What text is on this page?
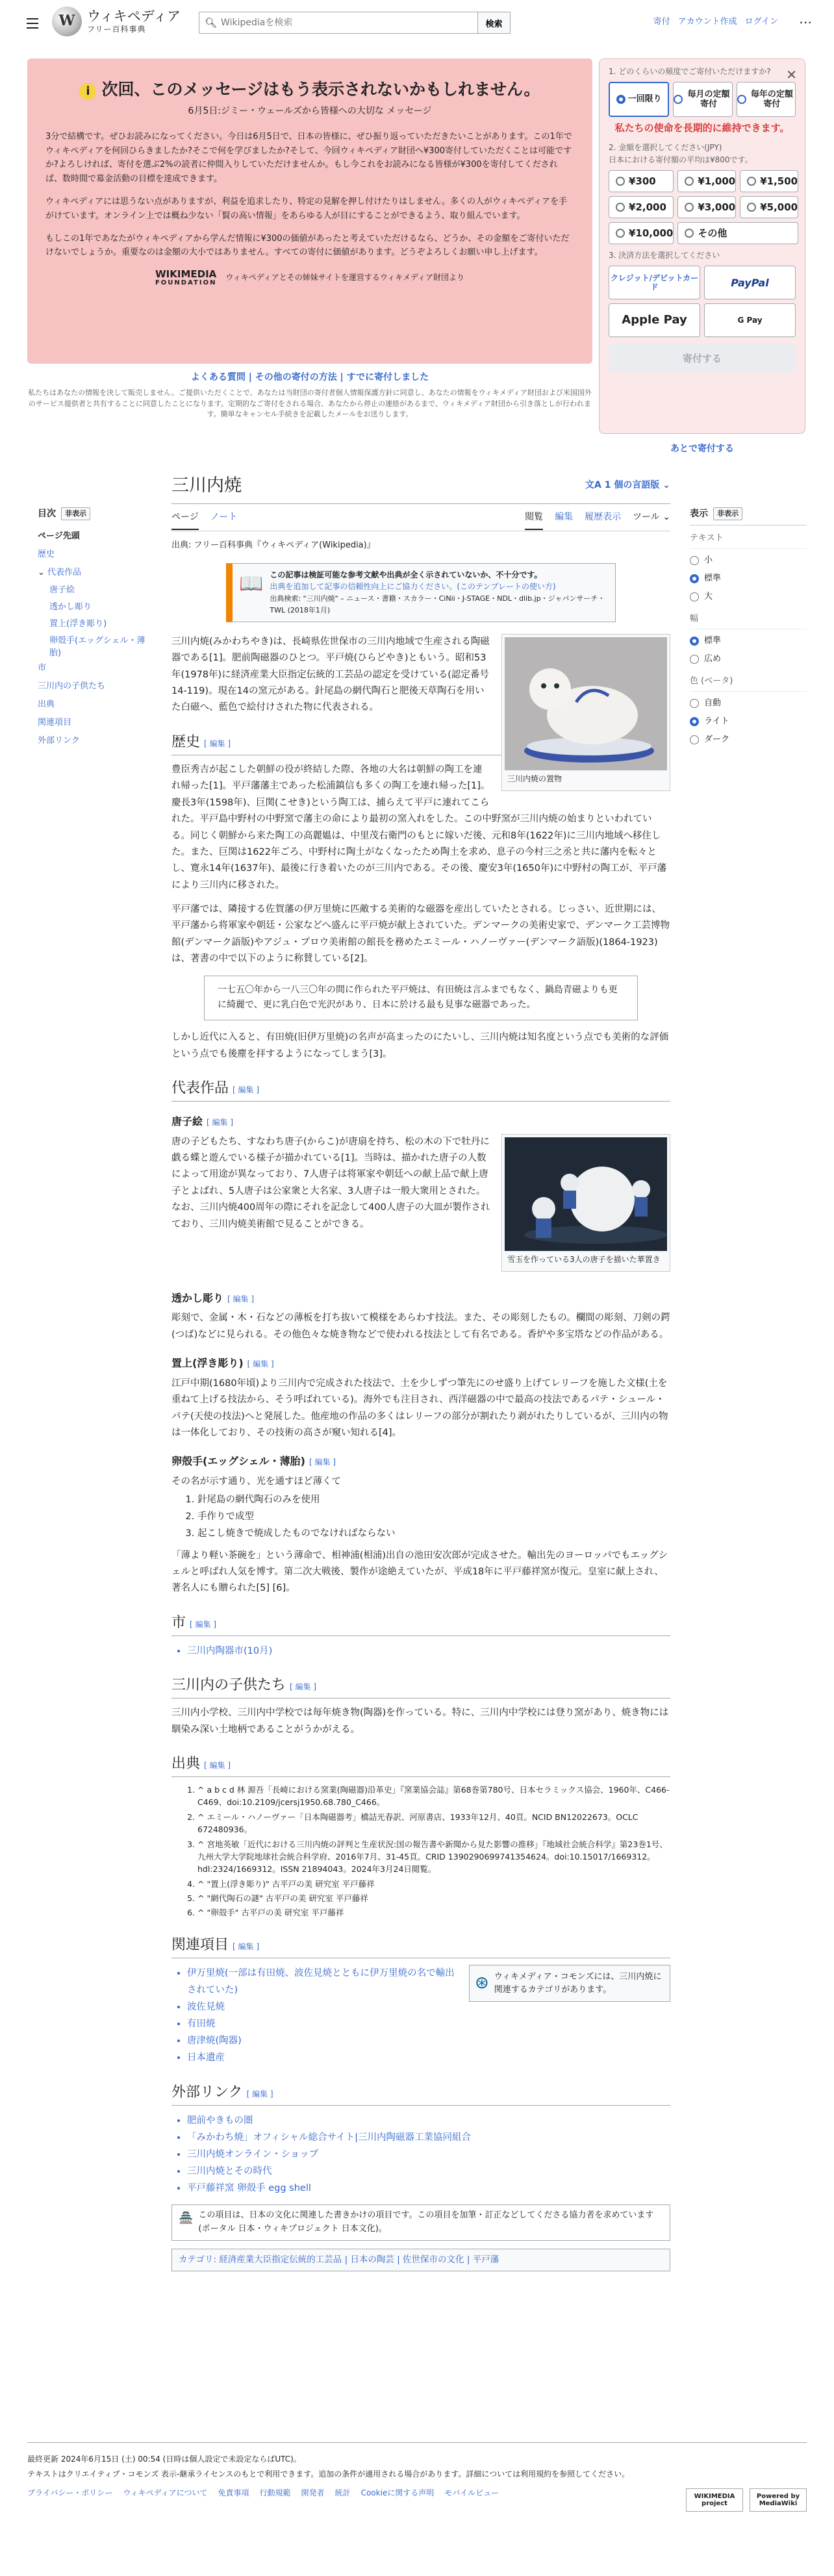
W ウィキペディア
フリー百科事典
🔍︎
Wikipediaを検索	検索	寄付 アカウント作成 ログイン ⋯
i 次回、このメッセージはもう表示されないかもしれません。
6月5日:ジミー・ウェールズから皆様への大切な メッセージ

3分で結構です。ぜひお読みになってください。今日は6月5日で、日本の皆様に、ぜひ振り返っていただきたいことがあります。この1年でウィキペディアを何回ひらきましたか?そこで何を学びましたか?そして、今回ウィキペディア財団へ¥300寄付していただくことは可能ですか?よろしければ、寄付を選ぶ2%の読者に仲間入りしていただけませんか。もし今これをお読みになる皆様が¥300を寄付してくだされば、数時間で募金活動の目標を達成できます。

ウィキペディアには思うない点がありますが、利益を追求したり、特定の見解を押し付けたりはしません。多くの人がウィキペディアを手がけています。オンライン上では概ね少ない「賢の高い情報」をあらゆる人が目にすることができるよう、取り組んでいます。

もしこの1年であなたがウィキペディアから学んだ情報に¥300の価値があったと考えていただけるなら、どうか、その金額をご寄付いただけないでしょうか。重要なのは金額の大小ではありません。すべての寄付に価値があります。どうぞよろしくお願い申し上げます。

WIKIMEDIA
FOUNDATION
ウィキペディアとその姉妹サイトを運営するウィキメディア財団より
よくある質問 | その他の寄付の方法 | すでに寄付しました
私たちはあなたの情報を決して販売しません。ご提供いただくことで、あなたは当財団の寄付者個人情報保護方針に同意し、あなたの情報をウィキメディア財団および米国国外のサービス提供者と共有することに同意したことになります。定期的なご寄付をされる場合、あなたから停止の連絡があるまで、ウィキメディア財団から引き落としが行われます。簡単なキャンセル手続きを記載したメールをお送りします。
✕
1. どのくらいの頻度でご寄付いただけますか?
一回限り
毎月の定額寄付
毎年の定額寄付
私たちの使命を長期的に維持できます。
2. 金額を選択してください(JPY)
日本における寄付額の平均は¥800です。
¥300	¥1,000	¥1,500
¥2,000	¥3,000	¥5,000
¥10,000	その他
3. 決済方法を選択してください
クレジット/デビットカード	PayPal
Apple Pay	G Pay
寄付する
あとで寄付する
目次	非表示
ページ先頭
歴史
⌄ 代表作品
唐子絵
透かし彫り
置上(浮き彫り)
卵殻手(エッグシェル・薄胎)
市
三川内の子供たち
出典
関連項目
外部リンク
三川内焼	文A 1 個の言語版 ⌄
ページ ノート	閲覧 編集 履歴表示 ツール ⌄
出典: フリー百科事典『ウィキペディア(Wikipedia)』
📖 この記事は検証可能な参考文献や出典が全く示されていないか、不十分です。
出典を追加して記事の信頼性向上にご協力ください。(このテンプレートの使い方)
出典検索: "三川内焼" – ニュース・書籍・スカラー・CiNii・J-STAGE・NDL・dlib.jp・ジャパンサーチ・TWL (2018年1月)
三川内焼の置物

三川内焼(みかわちやき)は、長崎県佐世保市の三川内地域で生産される陶磁器である[1]。肥前陶磁器のひとつ。平戸焼(ひらどやき)ともいう。昭和53年(1978年)に経済産業大臣指定伝統的工芸品の認定を受けている(認定番号14-119)。現在14の窯元がある。針尾島の網代陶石と肥後天草陶石を用いた白磁へ、藍色で絵付けされた物に代表される。

歴史 [ 編集 ]

豊臣秀吉が起こした朝鮮の役が終結した際、各地の大名は朝鮮の陶工を連れ帰った[1]。平戸藩藩主であった松浦鎮信も多くの陶工を連れ帰った[1]。慶長3年(1598年)、巨関(こせき)という陶工は、捕らえて平戸に連れてこられた。平戸島中野村の中野窯で藩主の命により最初の窯入れをした。この中野窯が三川内焼の始まりといわれている。同じく朝鮮から来た陶工の高麗媼は、中里茂右衛門のもとに嫁いだ後、元和8年(1622年)に三川内地域へ移住した。また、巨関は1622年ごろ、中野村に陶土がなくなったため陶土を求め、息子の今村三之丞と共に藩内を転々とし、寛永14年(1637年)、最後に行き着いたのが三川内である。その後、慶安3年(1650年)に中野村の陶工が、平戸藩により三川内に移された。

平戸藩では、隣接する佐賀藩の伊万里焼に匹敵する美術的な磁器を産出していたとされる。じっさい、近世期には、平戸藩から将軍家や朝廷・公家などへ盛んに平戸焼が献上されていた。デンマークの美術史家で、デンマーク工芸博物館(デンマーク語版)やアジュ・プロウ美術館の館長を務めたエミール・ハノーヴァー(デンマーク語版)(1864-1923)は、著書の中で以下のように称賛している[2]。

一七五〇年から一八三〇年の間に作られた平戸焼は、有田焼は言ふまでもなく、鍋島青磁よりも更に綺麗で、更に乳白色で光沢があり、日本に於ける最も見事な磁器であった。

しかし近代に入ると、有田焼(旧伊万里焼)の名声が高まったのにたいし、三川内焼は知名度という点でも美術的な評価という点でも後塵を拝するようになってしまう[3]。

代表作品 [ 編集 ]
唐子絵 [ 編集 ]
雪玉を作っている3人の唐子を描いた華置き

唐の子どもたち、すなわち唐子(からこ)が唐扇を持ち、松の木の下で牡丹に戯る蝶と遊んでいる様子が描かれている[1]。当時は、描かれた唐子の人数によって用途が異なっており、7人唐子は将軍家や朝廷への献上品で献上唐子とよばれ、5人唐子は公家衆と大名家、3人唐子は一般大衆用とされた。なお、三川内焼400周年の際にそれを記念して400人唐子の大皿が製作されており、三川内焼美術館で見ることができる。

透かし彫り [ 編集 ]

彫刻で、金属・木・石などの薄板を打ち抜いて模様をあらわす技法。また、その彫刻したもの。欄間の彫刻、刀剣の鍔(つば)などに見られる。その他色々な焼き物などで使われる技法として有名である。香炉や多宝塔などの作品がある。

置上(浮き彫り) [ 編集 ]

江戸中期(1680年頃)より三川内で完成された技法で、土を少しずつ筆先にのせ盛り上げてレリーフを施した文様(土を重ねて上げる技法から、そう呼ばれている)。海外でも注目され、西洋磁器の中で最高の技法であるパテ・シュール・パテ(天使の技法)へと発展した。他産地の作品の多くはレリーフの部分が割れたり剥がれたりしているが、三川内の物は一体化しており、その技術の高さが窺い知れる[4]。

卵殻手(エッグシェル・薄胎) [ 編集 ]

その名が示す通り、光を通すほど薄くて

1. 針尾島の網代陶石のみを使用
2. 手作りで成型
3. 起こし焼きで焼成したものでなければならない

「薄より軽い茶碗を」という薄命で、相神浦(相浦)出自の池田安次郎が完成させた。輸出先のヨーロッパでもエッグシェルと呼ばれ人気を博す。第二次大戦後、製作が途絶えていたが、平成18年に平戸藤祥窯が復元。皇室に献上され、著名人にも贈られた[5] [6]。

市 [ 編集 ]
• 三川内陶器市(10月)
三川内の子供たち [ 編集 ]

三川内小学校、三川内中学校では毎年焼き物(陶器)を作っている。特に、三川内中学校には登り窯があり、焼き物には馴染み深い土地柄であることがうかがえる。

出典 [ 編集 ]
1. ^ a b c d 林 源吾「長崎における窯業(陶磁器)沿革史」『窯業協会誌』第68巻第780号、日本セラミックス協会、1960年、C466-C469、doi:10.2109/jcersj1950.68.780_C466。
2. ^ エミール・ハノーヴァー「日本陶磁器考」橋詰光春訳、河原書店、1933年12月、40頁。NCID BN12022673。OCLC 672480936。
3. ^ 宮地英敏「近代における三川内焼の評判と生産状況:国の報告書や新聞から見た影響の推移」『地域社会統合科学』第23巻1号、九州大学大学院地球社会統合科学府、2016年7月、31-45頁。CRID 1390290699741354624。doi:10.15017/1669312。hdl:2324/1669312。ISSN 21894043。2024年3月24日閲覧。
4. ^ "置上(浮き彫り)" 古平戸の美 研究室 平戸藤祥
5. ^ "網代陶石の謎" 古平戸の美 研究室 平戸藤祥
6. ^ "卵殻手" 古平戸の美 研究室 平戸藤祥
関連項目 [ 編集 ]
⊛ ウィキメディア・コモンズには、三川内焼に関連するカテゴリがあります。
• 伊万里焼(一部は有田焼、波佐見焼とともに伊万里焼の名で輸出されていた)
• 波佐見焼
• 有田焼
• 唐津焼(陶器)
• 日本遺産
外部リンク [ 編集 ]
• 肥前やきもの圏
• 「みかわち焼」オフィシャル総合サイト|三川内陶磁器工業協同組合
• 三川内焼オンライン・ショップ
• 三川内焼とその時代
• 平戸藤祥窯 卵殻手 egg shell
🏯 この項目は、日本の文化に関連した書きかけの項目です。この項目を加筆・訂正などしてくださる協力者を求めています(ポータル 日本・ウィキプロジェクト 日本文化)。
カテゴリ: 経済産業大臣指定伝統的工芸品 | 日本の陶芸 | 佐世保市の文化 | 平戸藩
表示	非表示
テキスト
小
標準
大
幅
標準
広め
色 (ベータ)
自動
ライト
ダーク
最終更新 2024年6月15日 (土) 00:54 (日時は個人設定で未設定ならばUTC)。
テキストはクリエイティブ・コモンズ 表示-継承ライセンスのもとで利用できます。追加の条件が適用される場合があります。詳細については利用規約を参照してください。
プライバシー・ポリシー ウィキペディアについて 免責事項 行動規範 開発者 統計 Cookieに関する声明 モバイルビュー	WIKIMEDIA project
Powered by MediaWiki
